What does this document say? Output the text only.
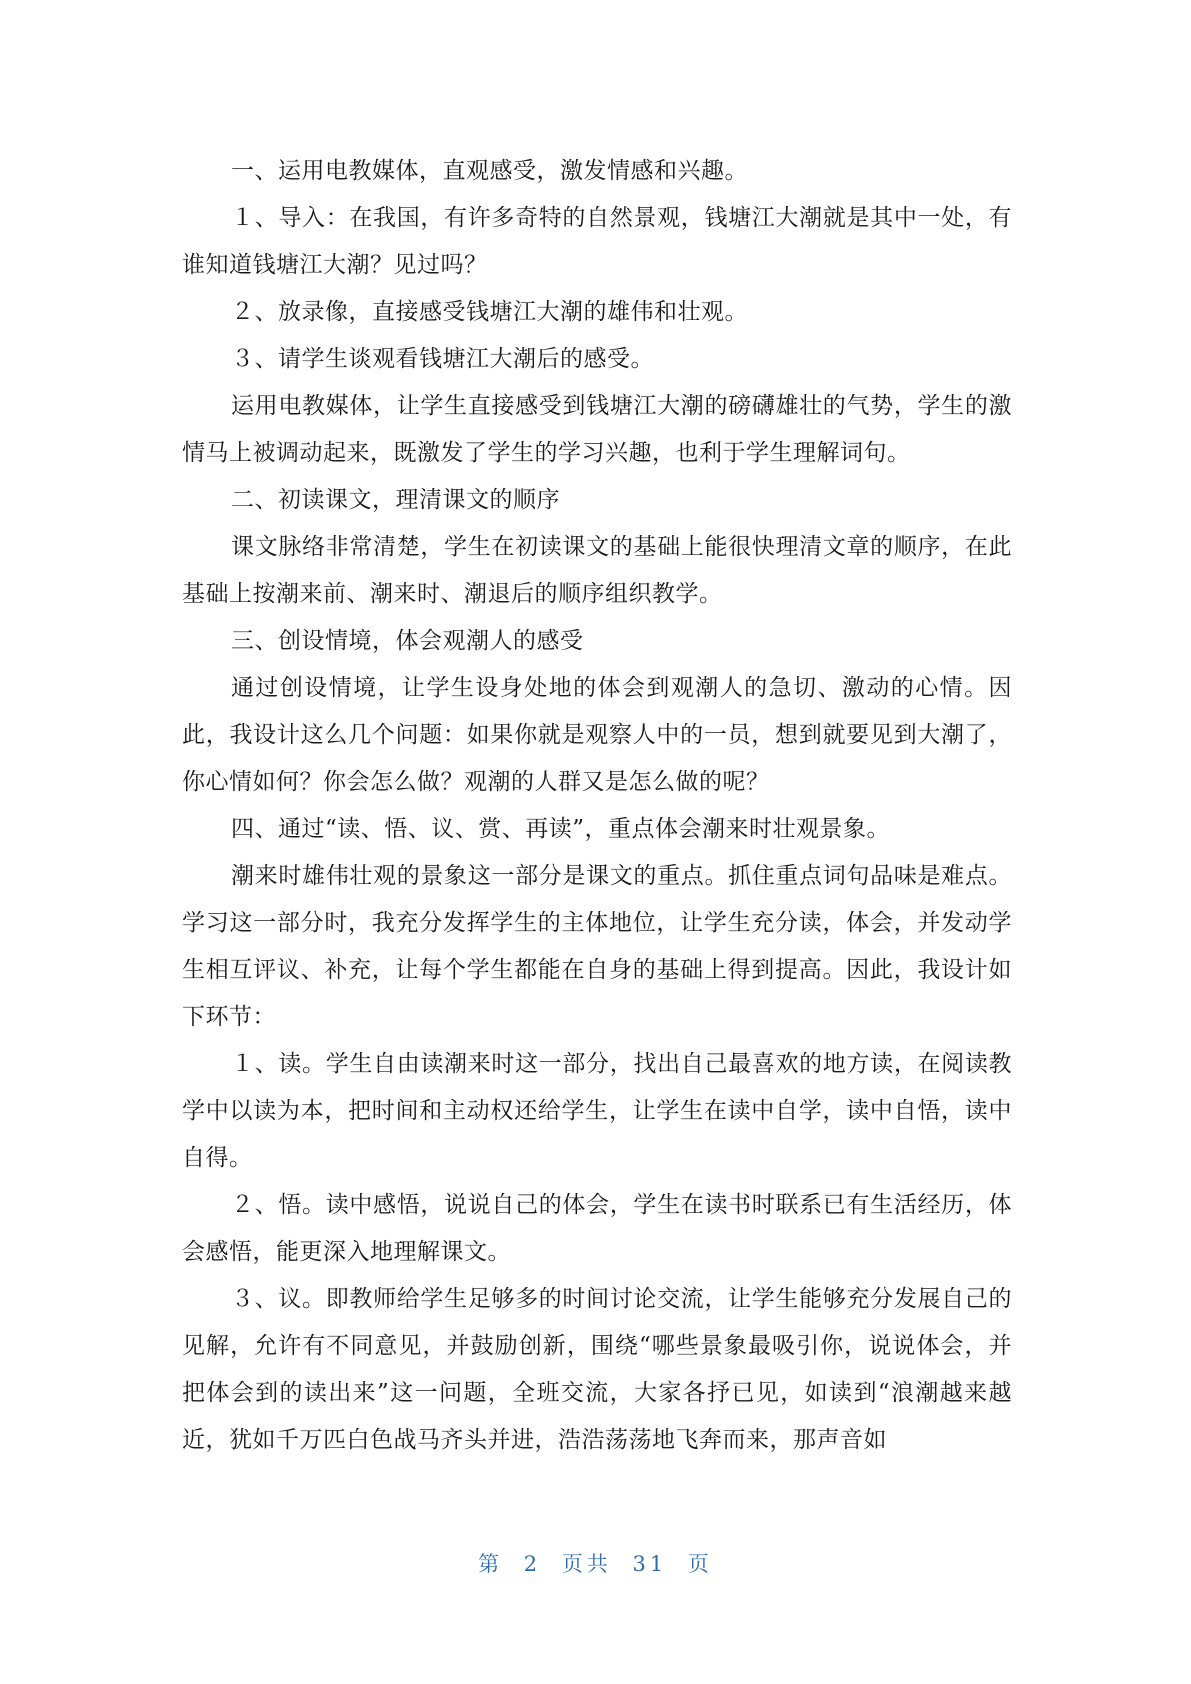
一、运用电教媒体，直观感受，激发情感和兴趣。

１、导入：在我国，有许多奇特的自然景观，钱塘江大潮就是其中一处，有谁知道钱塘江大潮？见过吗？

２、放录像，直接感受钱塘江大潮的雄伟和壮观。

３、请学生谈观看钱塘江大潮后的感受。

运用电教媒体，让学生直接感受到钱塘江大潮的磅礴雄壮的气势，学生的激情马上被调动起来，既激发了学生的学习兴趣，也利于学生理解词句。

二、初读课文，理清课文的顺序

课文脉络非常清楚，学生在初读课文的基础上能很快理清文章的顺序，在此基础上按潮来前、潮来时、潮退后的顺序组织教学。

三、创设情境，体会观潮人的感受

通过创设情境，让学生设身处地的体会到观潮人的急切、激动的心情。因此，我设计这么几个问题：如果你就是观察人中的一员，想到就要见到大潮了，你心情如何？你会怎么做？观潮的人群又是怎么做的呢？

四、通过“读、悟、议、赏、再读”，重点体会潮来时壮观景象。

潮来时雄伟壮观的景象这一部分是课文的重点。抓住重点词句品味是难点。学习这一部分时，我充分发挥学生的主体地位，让学生充分读，体会，并发动学生相互评议、补充，让每个学生都能在自身的基础上得到提高。因此，我设计如下环节：

１、读。学生自由读潮来时这一部分，找出自己最喜欢的地方读，在阅读教学中以读为本，把时间和主动权还给学生，让学生在读中自学，读中自悟，读中自得。

２、悟。读中感悟，说说自己的体会，学生在读书时联系已有生活经历，体会感悟，能更深入地理解课文。

３、议。即教师给学生足够多的时间讨论交流，让学生能够充分发展自己的见解，允许有不同意见，并鼓励创新，围绕“哪些景象最吸引你，说说体会，并把体会到的读出来”这一问题，全班交流，大家各抒已见，如读到“浪潮越来越近，犹如千万匹白色战马齐头并进，浩浩荡荡地飞奔而来，那声音如

第 2 页共 31 页
